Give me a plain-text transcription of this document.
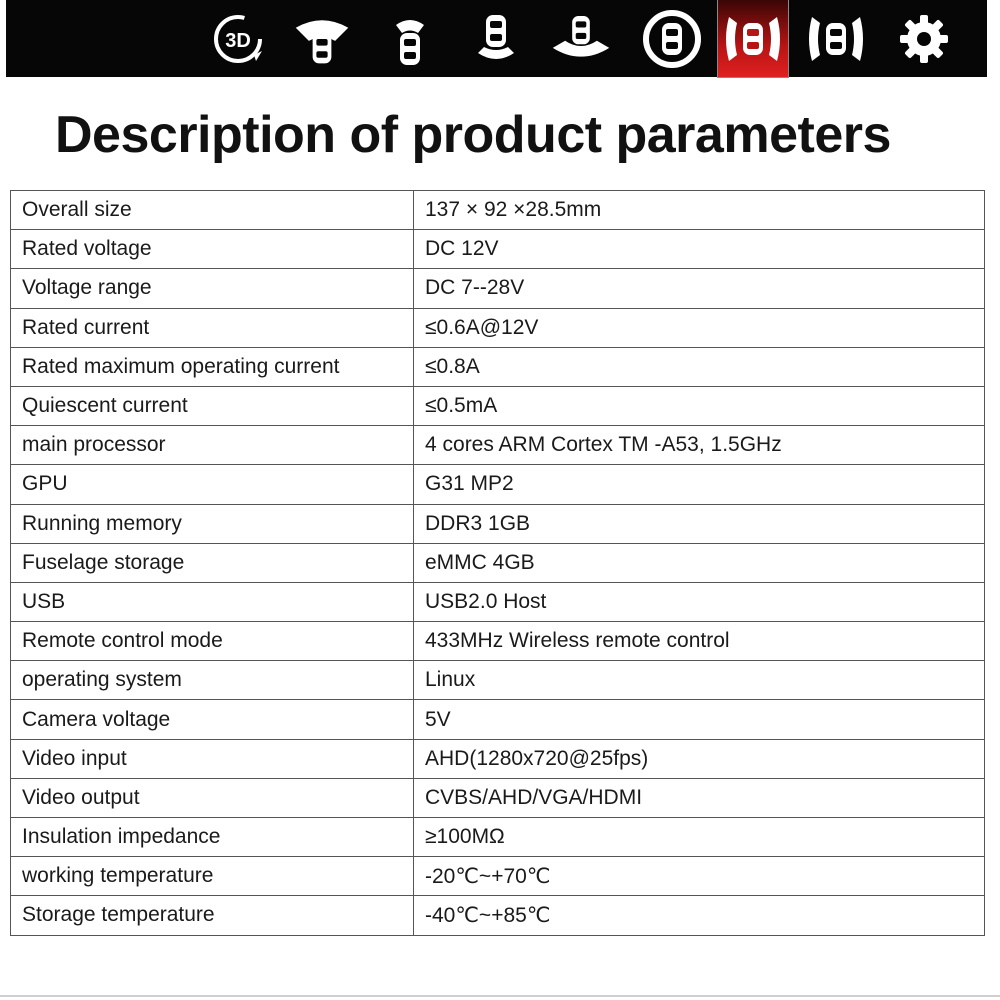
3D
Description of product parameters
Overall size	137 × 92 ×28.5mm
Rated voltage	DC 12V
Voltage range	DC 7--28V
Rated current	≤0.6A@12V
Rated maximum operating current	≤0.8A
Quiescent current	≤0.5mA
main processor	4 cores ARM Cortex TM -A53, 1.5GHz
GPU	G31 MP2
Running memory	DDR3 1GB
Fuselage storage	eMMC 4GB
USB	USB2.0 Host
Remote control mode	433MHz Wireless remote control
operating system	Linux
Camera voltage	5V
Video input	AHD(1280x720@25fps)
Video output	CVBS/AHD/VGA/HDMI
Insulation impedance	≥100MΩ
working temperature	-20℃~+70℃
Storage temperature	-40℃~+85℃
